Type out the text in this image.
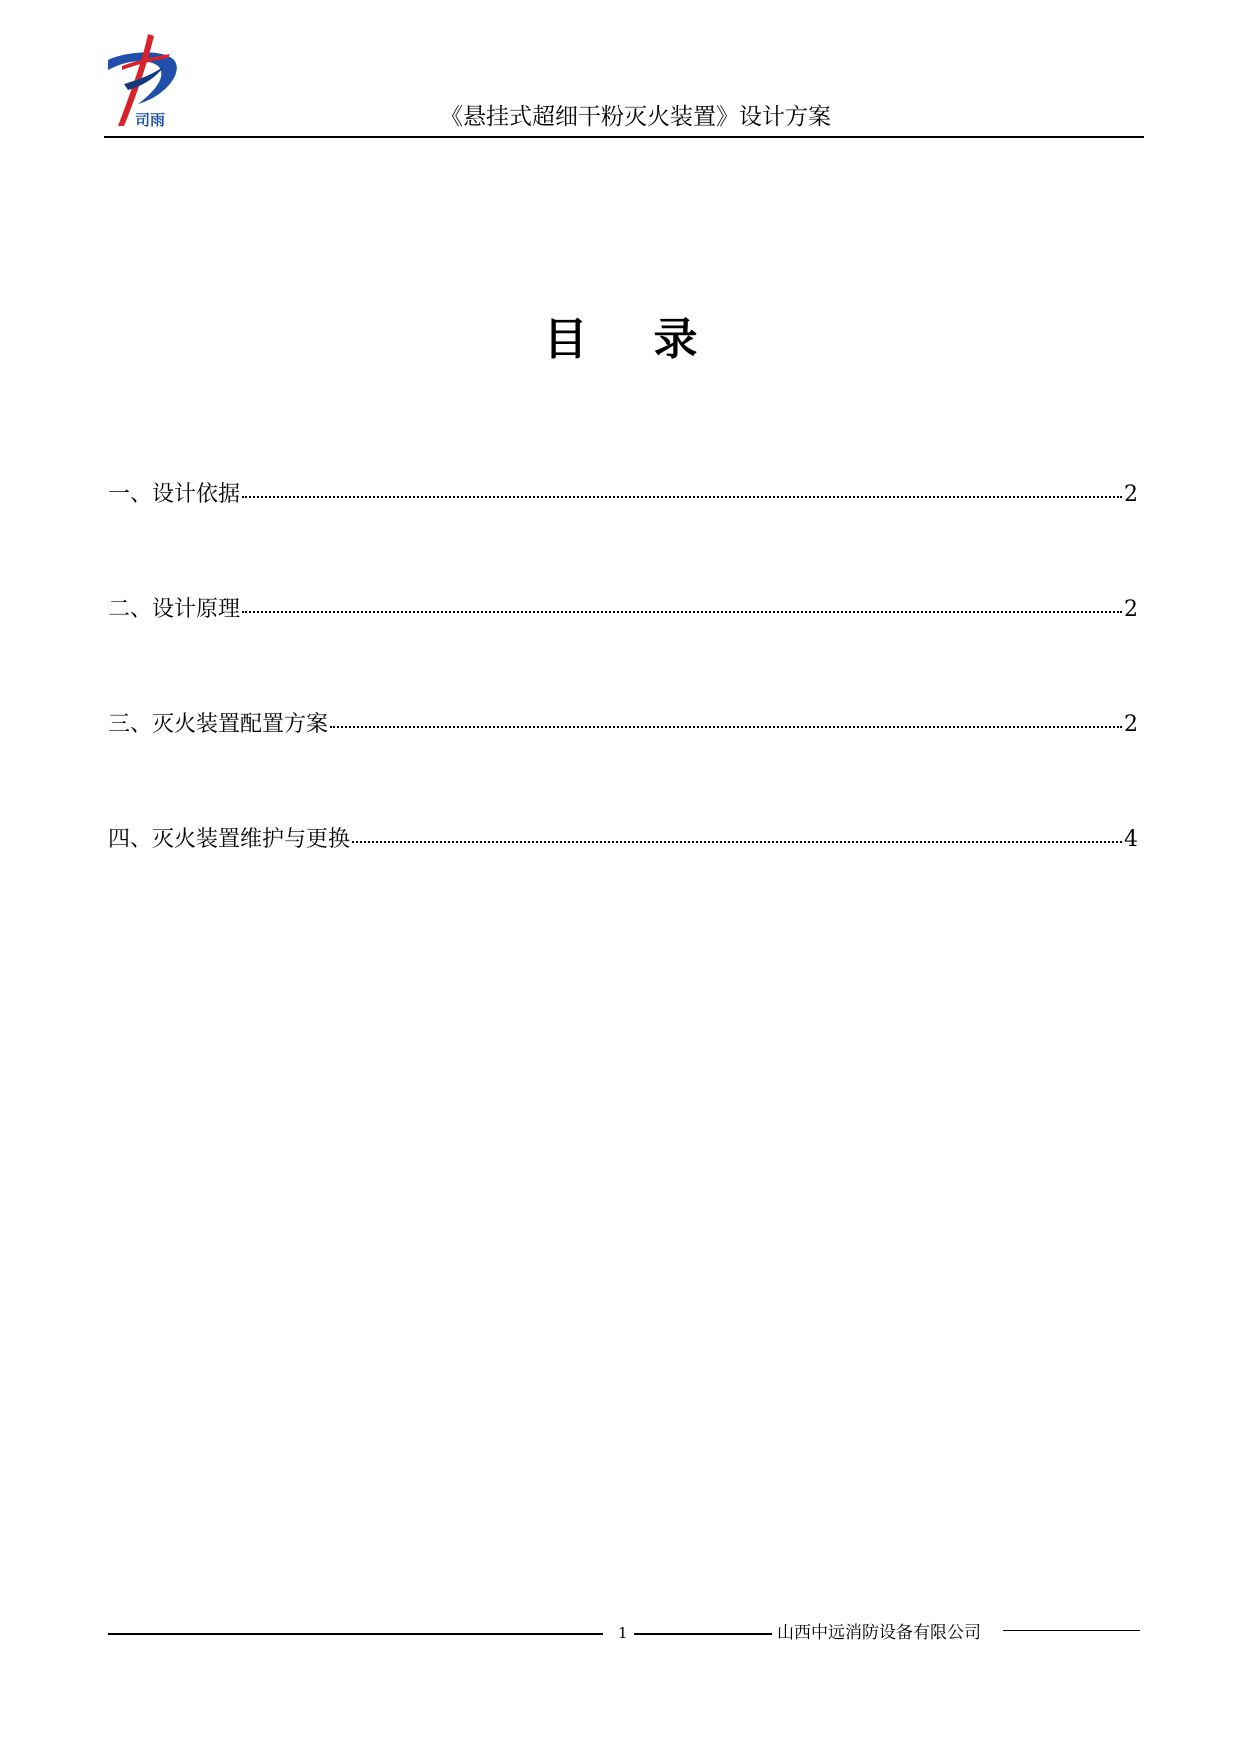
司雨	《悬挂式超细干粉灭火装置》设计方案
目录
一、设计依据	2
二、设计原理	2
三、灭火装置配置方案	2
四、灭火装置维护与更换	4
1	山西中远消防设备有限公司
